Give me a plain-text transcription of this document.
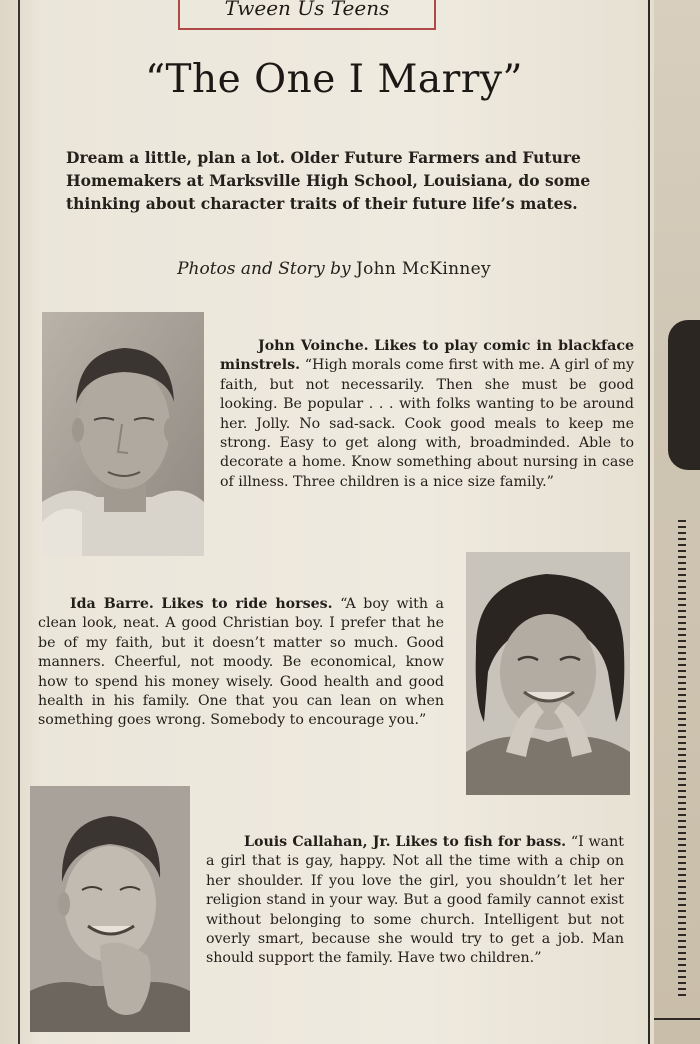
Tween Us Teens
“The One I Marry”
Dream a little, plan a lot. Older Future Farmers and Future Homemakers at Marksville High School, Louisiana, do some thinking about character traits of their future life’s mates.
Photos and Story by John McKinney
John Voinche. Likes to play comic in blackface minstrels. “High morals come first with me. A girl of my faith, but not necessarily. Then she must be good looking. Be popular . . . with folks wanting to be around her. Jolly. No sad-sack. Cook good meals to keep me strong. Easy to get along with, broadminded. Able to decorate a home. Know something about nursing in case of illness. Three children is a nice size family.”
Ida Barre. Likes to ride horses. “A boy with a clean look, neat. A good Christian boy. I prefer that he be of my faith, but it doesn’t matter so much. Good manners. Cheerful, not moody. Be economical, know how to spend his money wisely. Good health and good health in his family. One that you can lean on when something goes wrong. Somebody to encourage you.”
Louis Callahan, Jr. Likes to fish for bass. “I want a girl that is gay, happy. Not all the time with a chip on her shoulder. If you love the girl, you shouldn’t let her religion stand in your way. But a good family cannot exist without belonging to some church. Intelligent but not overly smart, because she would try to get a job. Man should support the family. Have two children.”
